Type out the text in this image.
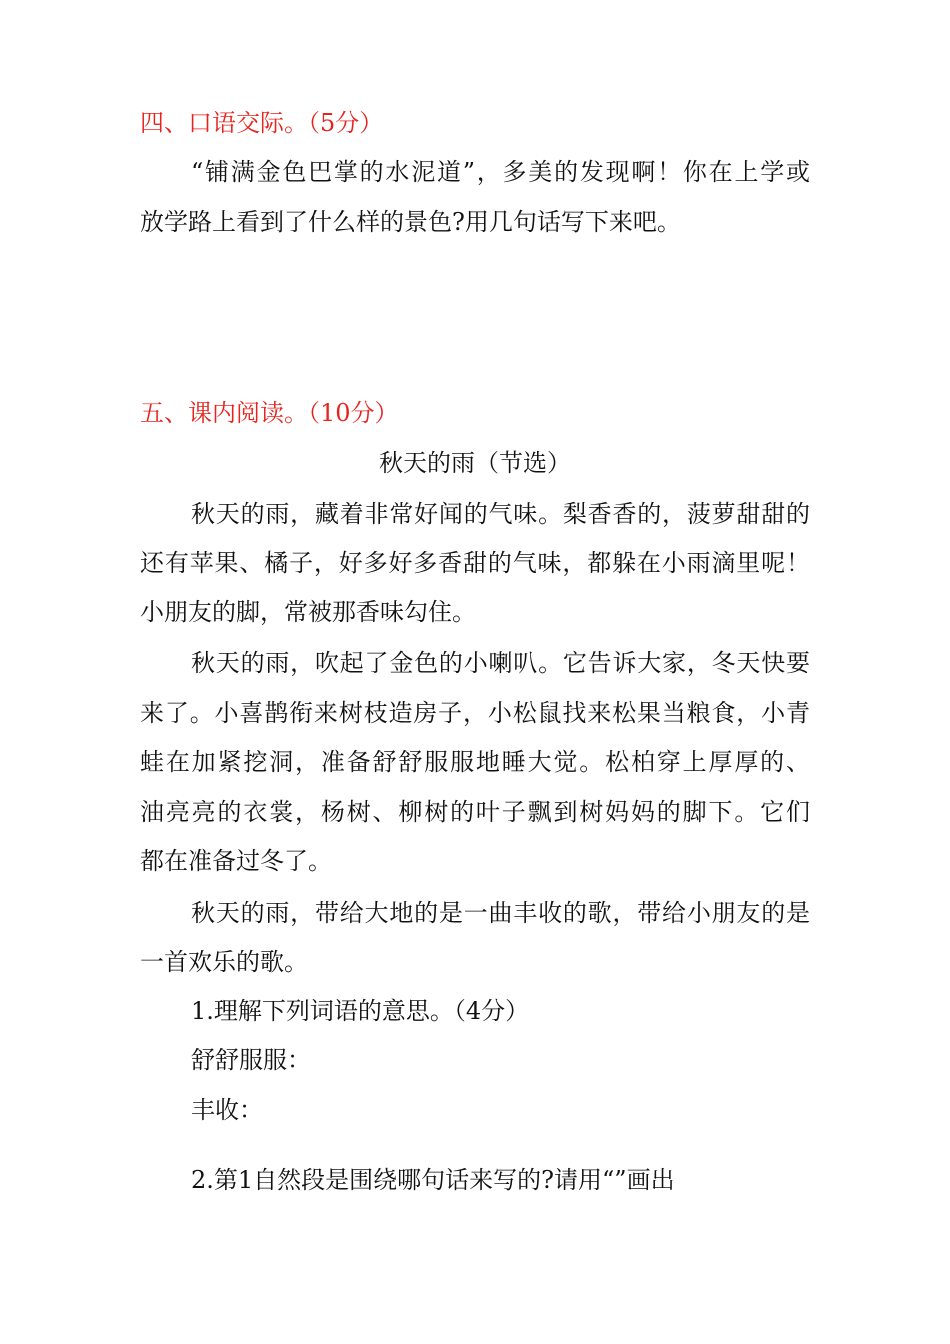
四、口语交际。（5分）
“铺满金色巴掌的水泥道”，多美的发现啊！你在上学或
放学路上看到了什么样的景色?用几句话写下来吧。
五、课内阅读。（10分）
秋天的雨（节选）
秋天的雨，藏着非常好闻的气味。梨香香的，菠萝甜甜的
还有苹果、橘子，好多好多香甜的气味，都躲在小雨滴里呢！
小朋友的脚，常被那香味勾住。
秋天的雨，吹起了金色的小喇叭。它告诉大家，冬天快要
来了。小喜鹊衔来树枝造房子，小松鼠找来松果当粮食，小青
蛙在加紧挖洞，准备舒舒服服地睡大觉。松柏穿上厚厚的、
油亮亮的衣裳，杨树、柳树的叶子飘到树妈妈的脚下。它们
都在准备过冬了。
秋天的雨，带给大地的是一曲丰收的歌，带给小朋友的是
一首欢乐的歌。
1.理解下列词语的意思。（4分）
舒舒服服：
丰收：
2.第1自然段是围绕哪句话来写的?请用“”画出
